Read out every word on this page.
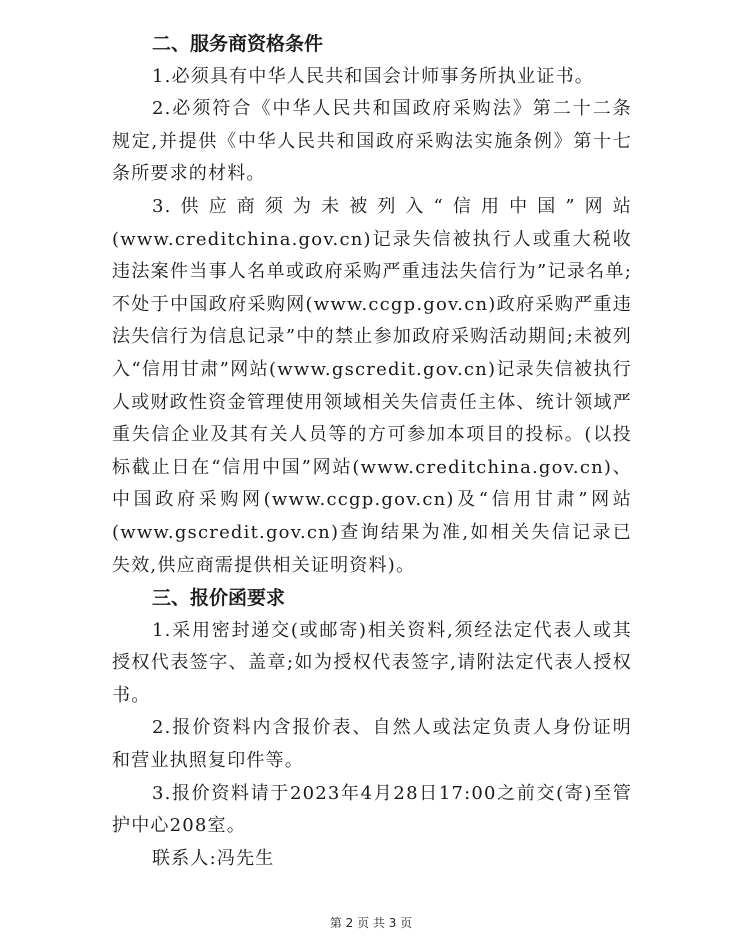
二、服务商资格条件

1.必须具有中华人民共和国会计师事务所执业证书。

2.必须符合《中华人民共和国政府采购法》第二十二条规定,并提供《中华人民共和国政府采购法实施条例》第十七条所要求的材料。

3.供应商须为未被列入“信用中国”网站(www.creditchina.gov.cn)记录失信被执行人或重大税收违法案件当事人名单或政府采购严重违法失信行为”记录名单;不处于中国政府采购网(www.ccgp.gov.cn)政府采购严重违法失信行为信息记录”中的禁止参加政府采购活动期间;未被列入“信用甘肃”网站(www.gscredit.gov.cn)记录失信被执行人或财政性资金管理使用领域相关失信责任主体、统计领域严重失信企业及其有关人员等的方可参加本项目的投标。(以投标截止日在“信用中国”网站(www.creditchina.gov.cn)、中国政府采购网(www.ccgp.gov.cn)及“信用甘肃”网站(www.gscredit.gov.cn)查询结果为准,如相关失信记录已失效,供应商需提供相关证明资料)。

三、报价函要求

1.采用密封递交(或邮寄)相关资料,须经法定代表人或其授权代表签字、盖章;如为授权代表签字,请附法定代表人授权书。

2.报价资料内含报价表、自然人或法定负责人身份证明和营业执照复印件等。

3.报价资料请于2023年4月28日17:00之前交(寄)至管护中心208室。

联系人:冯先生

第 2 页 共 3 页
